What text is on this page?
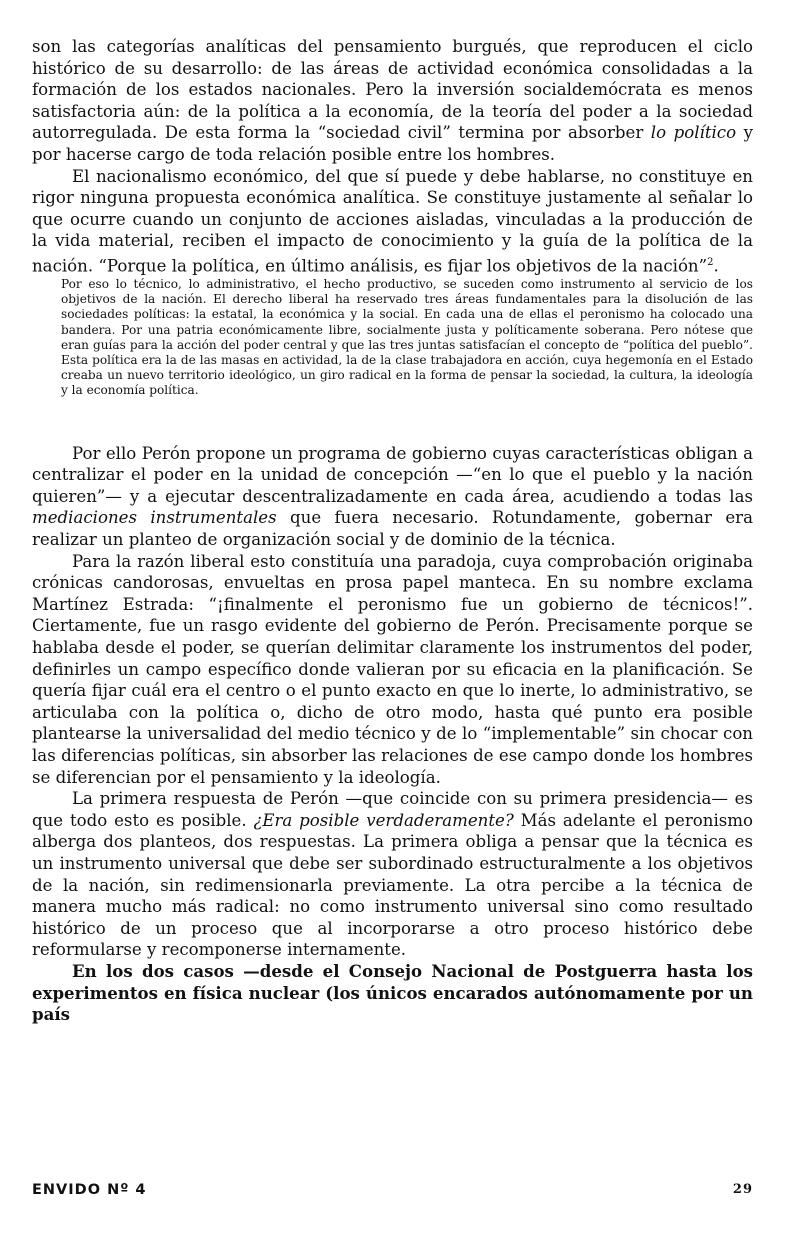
son las categorías analíticas del pensamiento burgués, que reproducen el ciclo histórico de su desarrollo: de las áreas de actividad económica consolidadas a la formación de los estados nacionales. Pero la inversión socialdemócrata es menos satisfactoria aún: de la política a la economía, de la teoría del poder a la sociedad autorregulada. De esta forma la “sociedad civil” termina por absorber lo político y por hacerse cargo de toda relación posible entre los hombres.

El nacionalismo económico, del que sí puede y debe hablarse, no constituye en rigor ninguna propuesta económica analítica. Se constituye justamente al señalar lo que ocurre cuando un conjunto de acciones aisladas, vinculadas a la producción de la vida material, reciben el impacto de conocimiento y la guía de la política de la nación. “Porque la política, en último análisis, es fijar los objetivos de la nación”$^2$.

Por eso lo técnico, lo administrativo, el hecho productivo, se suceden como instrumento al servicio de los objetivos de la nación. El derecho liberal ha reservado tres áreas fundamentales para la disolución de las sociedades políticas: la estatal, la económica y la social. En cada una de ellas el peronismo ha colocado una bandera. Por una patria económicamente libre, socialmente justa y políticamente soberana. Pero nótese que eran guías para la acción del poder central y que las tres juntas satisfacían el concepto de “política del pueblo”. Esta política era la de las masas en actividad, la de la clase trabajadora en acción, cuya hegemonía en el Estado creaba un nuevo territorio ideológico, un giro radical en la forma de pensar la sociedad, la cultura, la ideología y la economía política.

Por ello Perón propone un programa de gobierno cuyas características obligan a centralizar el poder en la unidad de concepción —“en lo que el pueblo y la nación quieren”— y a ejecutar descentralizadamente en cada área, acudiendo a todas las mediaciones instrumentales que fuera necesario. Rotundamente, gobernar era realizar un planteo de organización social y de dominio de la técnica.

Para la razón liberal esto constituía una paradoja, cuya comprobación originaba crónicas candorosas, envueltas en prosa papel manteca. En su nombre exclama Martínez Estrada: “¡finalmente el peronismo fue un gobierno de técnicos!”. Ciertamente, fue un rasgo evidente del gobierno de Perón. Precisamente porque se hablaba desde el poder, se querían delimitar claramente los instrumentos del poder, definirles un campo específico donde valieran por su eficacia en la planificación. Se quería fijar cuál era el centro o el punto exacto en que lo inerte, lo administrativo, se articulaba con la política o, dicho de otro modo, hasta qué punto era posible plantearse la universalidad del medio técnico y de lo “implementable” sin chocar con las diferencias políticas, sin absorber las relaciones de ese campo donde los hombres se diferencian por el pensamiento y la ideología.

La primera respuesta de Perón —que coincide con su primera presidencia— es que todo esto es posible. ¿Era posible verdaderamente? Más adelante el peronismo alberga dos planteos, dos respuestas. La primera obliga a pensar que la técnica es un instrumento universal que debe ser subordinado estructuralmente a los objetivos de la nación, sin redimensionarla previamente. La otra percibe a la técnica de manera mucho más radical: no como instrumento universal sino como resultado histórico de un proceso que al incorporarse a otro proceso histórico debe reformularse y recomponerse internamente.

En los dos casos —desde el Consejo Nacional de Postguerra hasta los experimentos en física nuclear (los únicos encarados autónomamente por un país

ENVIDO Nº 4	29
